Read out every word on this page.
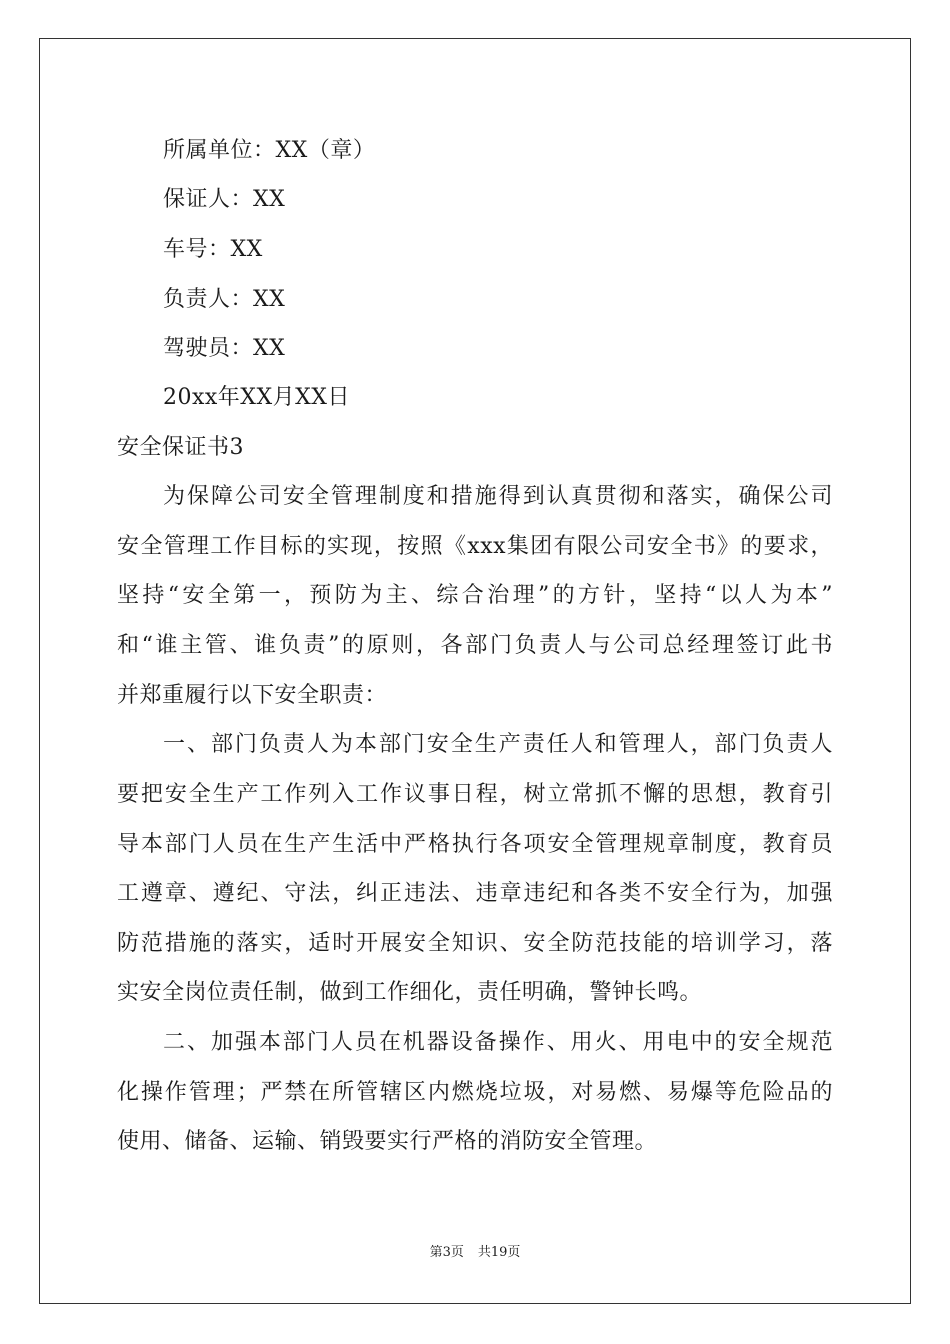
所属单位：XX（章）
保证人：XX
车号：XX
负责人：XX
驾驶员：XX
20xx年XX月XX日
安全保证书3
为保障公司安全管理制度和措施得到认真贯彻和落实，确保公司
安全管理工作目标的实现，按照《xxx集团有限公司安全书》的要求，
坚持“安全第一，预防为主、综合治理”的方针，坚持“以人为本”
和“谁主管、谁负责”的原则，各部门负责人与公司总经理签订此书
并郑重履行以下安全职责：
一、部门负责人为本部门安全生产责任人和管理人，部门负责人
要把安全生产工作列入工作议事日程，树立常抓不懈的思想，教育引
导本部门人员在生产生活中严格执行各项安全管理规章制度，教育员
工遵章、遵纪、守法，纠正违法、违章违纪和各类不安全行为，加强
防范措施的落实，适时开展安全知识、安全防范技能的培训学习，落
实安全岗位责任制，做到工作细化，责任明确，警钟长鸣。
二、加强本部门人员在机器设备操作、用火、用电中的安全规范
化操作管理；严禁在所管辖区内燃烧垃圾，对易燃、易爆等危险品的
使用、储备、运输、销毁要实行严格的消防安全管理。
第3页 共19页
